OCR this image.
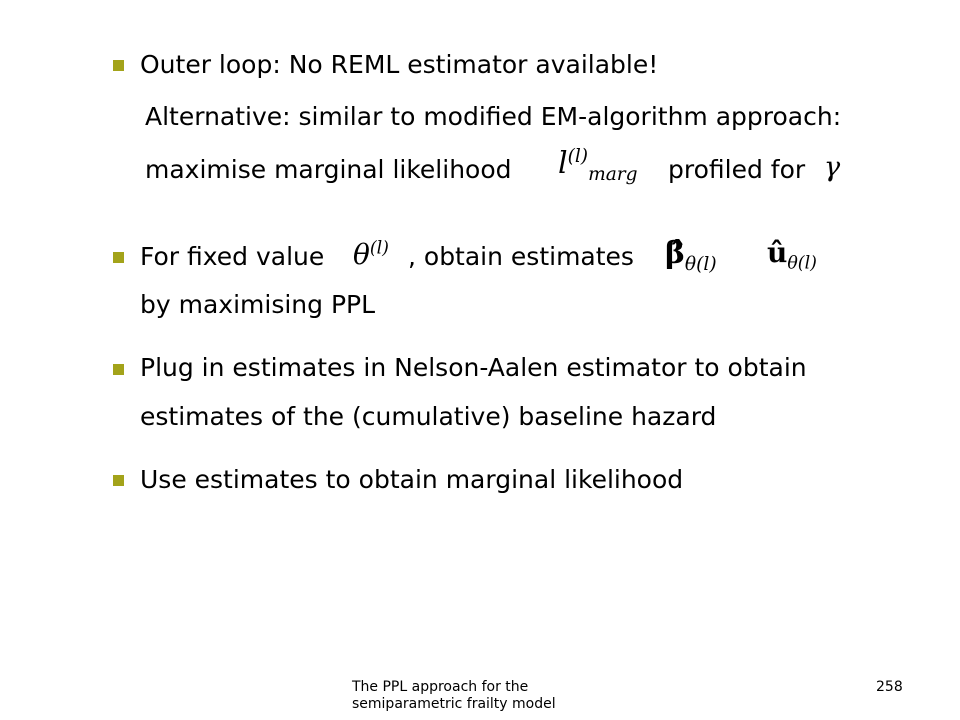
Outer loop: No REML estimator available!
Alternative: similar to modified EM-algorithm approach:
maximise marginal likelihood $l^{(l)}_{marg}$ profiled for γ
For fixed value $\theta^{(l)}$ , obtain estimates $\betâ_{\theta(l)}$ $û_{\theta(l)}$
by maximising PPL
Plug in estimates in Nelson-Aalen estimator to obtain
estimates of the (cumulative) baseline hazard
Use estimates to obtain marginal likelihood
The PPL approach for the
semiparametric frailty model
258
